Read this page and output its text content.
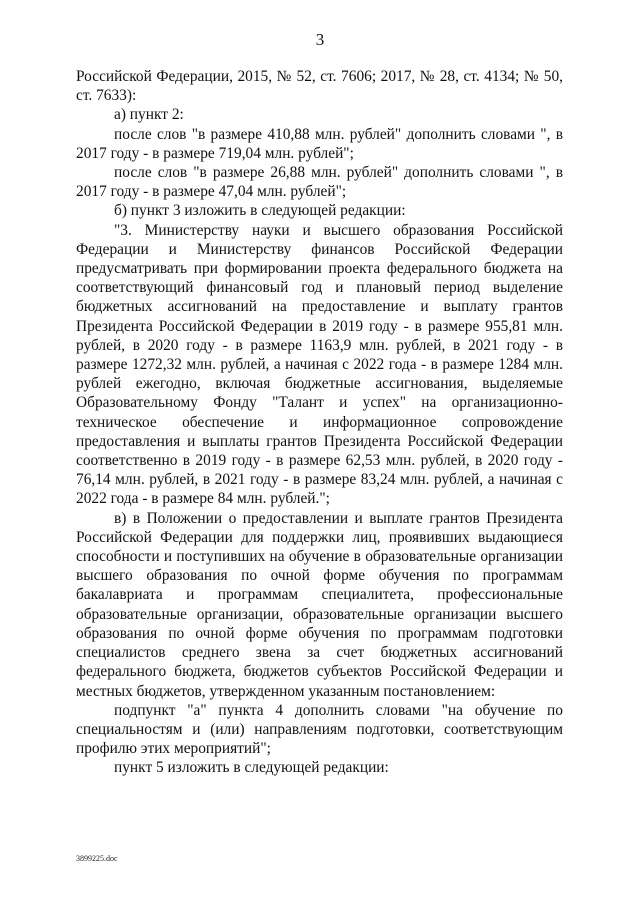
3

Российской Федерации, 2015, № 52, ст. 7606; 2017, № 28, ст. 4134; № 50, ст. 7633):

а) пункт 2:

после слов "в размере 410,88 млн. рублей" дополнить словами ", в 2017 году - в размере 719,04 млн. рублей";

после слов "в размере 26,88 млн. рублей" дополнить словами ", в 2017 году - в размере 47,04 млн. рублей";

б) пункт 3 изложить в следующей редакции:

"3. Министерству науки и высшего образования Российской Федерации и Министерству финансов Российской Федерации предусматривать при формировании проекта федерального бюджета на соответствующий финансовый год и плановый период выделение бюджетных ассигнований на предоставление и выплату грантов Президента Российской Федерации в 2019 году - в размере 955,81 млн. рублей, в 2020 году - в размере 1163,9 млн. рублей, в 2021 году - в размере 1272,32 млн. рублей, а начиная с 2022 года - в размере 1284 млн. рублей ежегодно, включая бюджетные ассигнования, выделяемые Образовательному Фонду "Талант и успех" на организационно-техническое обеспечение и информационное сопровождение предоставления и выплаты грантов Президента Российской Федерации соответственно в 2019 году - в размере 62,53 млн. рублей, в 2020 году - 76,14 млн. рублей, в 2021 году - в размере 83,24 млн. рублей, а начиная с 2022 года - в размере 84 млн. рублей.";

в) в Положении о предоставлении и выплате грантов Президента Российской Федерации для поддержки лиц, проявивших выдающиеся способности и поступивших на обучение в образовательные организации высшего образования по очной форме обучения по программам бакалавриата и программам специалитета, профессиональные образовательные организации, образовательные организации высшего образования по очной форме обучения по программам подготовки специалистов среднего звена за счет бюджетных ассигнований федерального бюджета, бюджетов субъектов Российской Федерации и местных бюджетов, утвержденном указанным постановлением:

подпункт "а" пункта 4 дополнить словами "на обучение по специальностям и (или) направлениям подготовки, соответствующим профилю этих мероприятий";

пункт 5 изложить в следующей редакции:

3899225.doc
